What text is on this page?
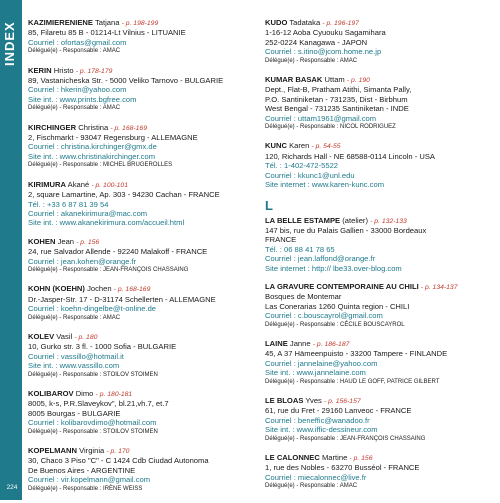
INDEX
224
KAZIMIERENIENE Tatjana - p. 198-199
85, Filaretu 85 B - 01214-Lt Vilnius - LITUANIE
Courriel : ofortas@gmail.com
Délégué(e) - Responsable : AMAC
KERIN Hristo - p. 178-179
89, Vastanicheska Str. - 5000 Veliko Tarnovo - BULGARIE
Courriel : hkerin@yahoo.com
Site int. : www.prints.bgfree.com
Délégué(e) - Responsable : AMAC
KIRCHINGER Christina - p. 168-169
2, Fischmarkt - 93047 Regensburg - ALLEMAGNE
Courriel : christina.kirchinger@gmx.de
Site int. : www.christinakirchinger.com
Délégué(e) - Responsable : MICHEL BRUGEROLLES
KIRIMURA Akané - p. 100-101
2, square Lamartine, Ap. 303 - 94230 Cachan - FRANCE
Tél. : +33 6 87 81 39 54
Courriel : akanekirimura@mac.com
Site int. : www.akanekirimura.com/accueil.html
KOHEN Jean - p. 156
24, rue Salvador Allende - 92240 Malakoff - FRANCE
Courriel : jean.kohen@orange.fr
Délégué(e) - Responsable : JEAN-FRANÇOIS CHASSAING
KOHN (KOEHN) Jochen - p. 168-169
Dr.-Jasper-Str. 17 - D-31174 Schellerten - ALLEMAGNE
Courriel : koehn-dingelbe@t-online.de
Délégué(e) - Responsable : AMAC
KOLEV Vasil - p. 180
10, Gurko str. 3 fl. - 1000 Sofia - BULGARIE
Courriel : vassillo@hotmail.it
Site int. : www.vassillo.com
Délégué(e) - Responsable : STOILOV STOIMEN
KOLIBAROV Dimo - p. 180-181
8005, k-s, P.R.Slaveykov", bl.21,vh.7, et.7
8005 Bourgas - BULGARIE
Courriel : kolibarovdimo@hotmail.com
Délégué(e) - Responsable : STOILOV STOIMEN
KOPELMANN Virginia - p. 170
30, Chaco 3 Piso "C" - C 1424 Cdb Ciudad Autonoma
De Buenos Aires - ARGENTINE
Courriel : vir.kopelmann@gmail.com
Délégué(e) - Responsable : IRÈNE WEISS
KUDO Tadataka - p. 196-197
1-16-12 Aoba Cyuouku Sagamihara
252-0224 Kanagawa - JAPON
Courriel : s.itino@jcom.home.ne.jp
Délégué(e) - Responsable : AMAC
KUMAR BASAK Uttam - p. 190
Dept., Flat-B, Pratham Atithi, Simanta Pally,
P.O. Santiniketan - 731235, Dist - Birbhum
West Bengal - 731235 Santiniketan - INDE
Courriel : uttam1961@gmail.com
Délégué(e) - Responsable : NICOL RODRIGUEZ
KUNC Karen - p. 54-55
120, Richards Hall - NE 68588-0114 Lincoln - USA
Tél. : 1-402-472-5522
Courriel : kkunc1@unl.edu
Site internet : www.karen-kunc.com
L
LA BELLE ESTAMPE (atelier) - p. 132-133
147 bis, rue du Palais Gallien - 33000 Bordeaux
FRANCE
Tél. : 06 88 41 78 65
Courriel : jean.laffond@orange.fr
Site internet : http:// lbe33.over-blog.com
LA GRAVURE CONTEMPORAINE AU CHILI - p. 134-137
Bosques de Montemar
Las Conerarias 1260 Quinta region - CHILI
Courriel : c.bouscayrol@gmail.com
Délégué(e) - Responsable : CÉCILE BOUSCAYROL
LAINE Janne - p. 186-187
45, A 37 Hämeenpuisto - 33200 Tampere - FINLANDE
Courriel : jannelaine@yahoo.com
Site int. : www.jannelaine.com
Délégué(e) - Responsable : HAUD LE GOFF, PATRICE GILBERT
LE BLOAS Yves - p. 156-157
61, rue du Fret - 29160 Lanveoc - FRANCE
Courriel : beneffic@wanadoo.fr
Site int. : www.iffic-dessineur.com
Délégué(e) - Responsable : JEAN-FRANÇOIS CHASSAING
LE CALONNEC Martine - p. 156
1, rue des Nobles - 63270 Busséol - FRANCE
Courriel : miecalonnec@live.fr
Délégué(e) - Responsable : AMAC
